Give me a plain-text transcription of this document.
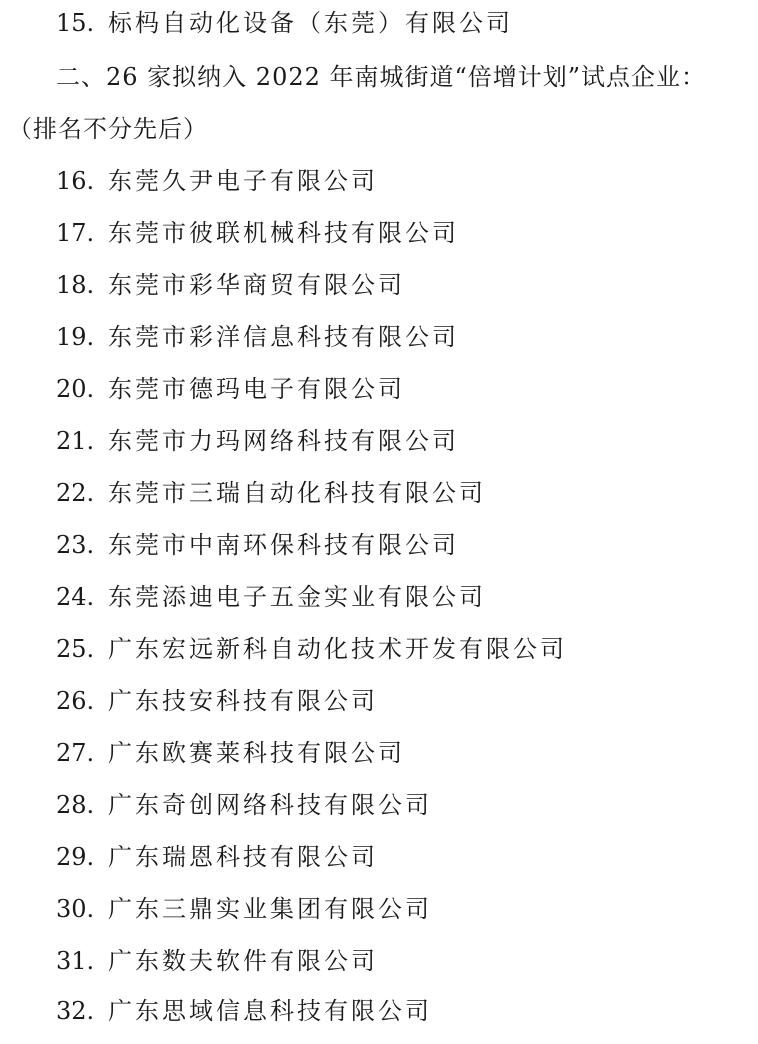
15. 标杩自动化设备（东莞）有限公司
二、26 家拟纳入 2022 年南城街道“倍增计划”试点企业：
（排名不分先后）
16. 东莞久尹电子有限公司
17. 东莞市彼联机械科技有限公司
18. 东莞市彩华商贸有限公司
19. 东莞市彩洋信息科技有限公司
20. 东莞市德玛电子有限公司
21. 东莞市力玛网络科技有限公司
22. 东莞市三瑞自动化科技有限公司
23. 东莞市中南环保科技有限公司
24. 东莞添迪电子五金实业有限公司
25. 广东宏远新科自动化技术开发有限公司
26. 广东技安科技有限公司
27. 广东欧赛莱科技有限公司
28. 广东奇创网络科技有限公司
29. 广东瑞恩科技有限公司
30. 广东三鼎实业集团有限公司
31. 广东数夫软件有限公司
32. 广东思域信息科技有限公司
